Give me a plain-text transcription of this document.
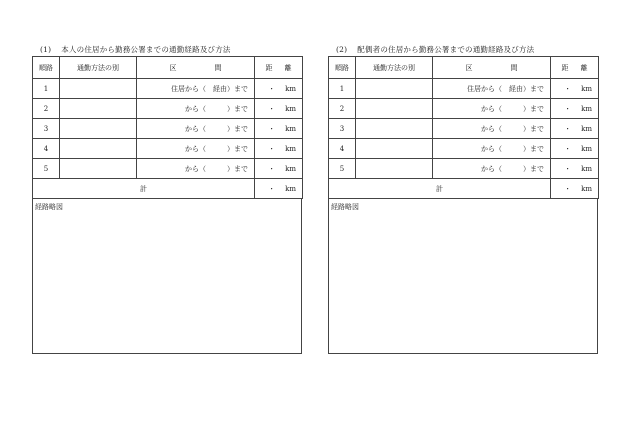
(1) 本人の住居から勤務公署までの通勤経路及び方法
順路	通勤方法の別	区 間	距 離
1		住居から（　経由）まで	・ km
2		から（　　　）まで	・ km
3		から（　　　）まで	・ km
4		から（　　　）まで	・ km
5		から（　　　）まで	・ km
計			・ km
経路略図
(2) 配偶者の住居から勤務公署までの通勤経路及び方法
順路	通勤方法の別	区 間	距 離
1		住居から（　経由）まで	・ km
2		から（　　　）まで	・ km
3		から（　　　）まで	・ km
4		から（　　　）まで	・ km
5		から（　　　）まで	・ km
計			・ km
経路略図
